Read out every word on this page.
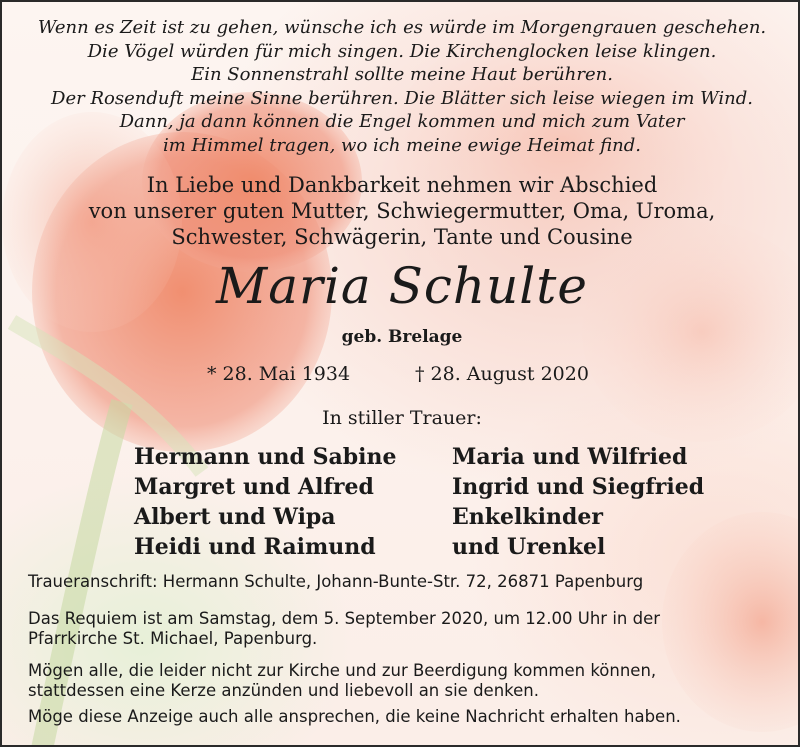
Wenn es Zeit ist zu gehen, wünsche ich es würde im Morgengrauen geschehen.
Die Vögel würden für mich singen. Die Kirchenglocken leise klingen.
Ein Sonnenstrahl sollte meine Haut berühren.
Der Rosenduft meine Sinne berühren. Die Blätter sich leise wiegen im Wind.
Dann, ja dann können die Engel kommen und mich zum Vater
im Himmel tragen, wo ich meine ewige Heimat find.
In Liebe und Dankbarkeit nehmen wir Abschied
von unserer guten Mutter, Schwiegermutter, Oma, Uroma,
Schwester, Schwägerin, Tante und Cousine
Maria Schulte
geb. Brelage
* 28. Mai 1934	† 28. August 2020
In stiller Trauer:
Hermann und Sabine
Margret und Alfred
Albert und Wipa
Heidi und Raimund
Maria und Wilfried
Ingrid und Siegfried
Enkelkinder
und Urenkel
Traueranschrift: Hermann Schulte, Johann-Bunte-Str. 72, 26871 Papenburg
Das Requiem ist am Samstag, dem 5. September 2020, um 12.00 Uhr in der
Pfarrkirche St. Michael, Papenburg.
Mögen alle, die leider nicht zur Kirche und zur Beerdigung kommen können,
stattdessen eine Kerze anzünden und liebevoll an sie denken.
Möge diese Anzeige auch alle ansprechen, die keine Nachricht erhalten haben.
